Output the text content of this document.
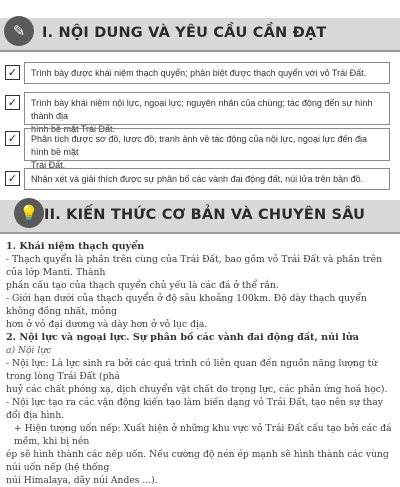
✎	I. NỘI DUNG VÀ YÊU CẦU CẦN ĐẠT
✓	Trình bày được khái niệm thạch quyển; phân biệt được thạch quyển với vỏ Trái Đất.
✓	Trình bày khái niệm nội lực, ngoại lực; nguyên nhân của chúng; tác động đến sự hình thành địa
hình bề mặt Trái Đất.
✓	Phân tích được sơ đồ, lược đồ, tranh ảnh về tác động của nội lực, ngoại lực đến địa hình bề mặt
Trái Đất.
✓	Nhận xét và giải thích được sự phân bố các vành đai động đất, núi lửa trên bản đồ.
💡 II. KIẾN THỨC CƠ BẢN VÀ CHUYÊN SÂU

1. Khái niệm thạch quyển

- Thạch quyển là phần trên cùng của Trái Đất, bao gồm vỏ Trái Đất và phần trên của lớp Manti. Thành

phần cấu tạo của thạch quyển chủ yếu là các đá ở thể rắn.

- Giới hạn dưới của thạch quyển ở độ sâu khoảng 100km. Độ dày thạch quyển không đồng nhất, mỏng

hơn ở vỏ đại dương và dày hơn ở vỏ lục địa.

2. Nội lực và ngoại lực. Sự phân bố các vành đai động đất, núi lửa

a) Nội lực

- Nội lực: Là lực sinh ra bởi các quá trình có liên quan đến nguồn năng lượng từ trong lòng Trái Đất (phá

huỷ các chất phóng xạ, dịch chuyển vật chất do trọng lực, các phản ứng hoá học).

- Nội lực tạo ra các vận động kiến tạo làm biến dạng vỏ Trái Đất, tạo nên sự thay đổi địa hình.

+ Hiện tượng uốn nếp: Xuất hiện ở những khu vực vỏ Trái Đất cấu tạo bởi các đá mềm, khi bị nén

ép sẽ hình thành các nếp uốn. Nếu cường độ nén ép mạnh sẽ hình thành các vùng núi uốn nếp (hệ thống

núi Himalaya, dãy núi Andes ...).
